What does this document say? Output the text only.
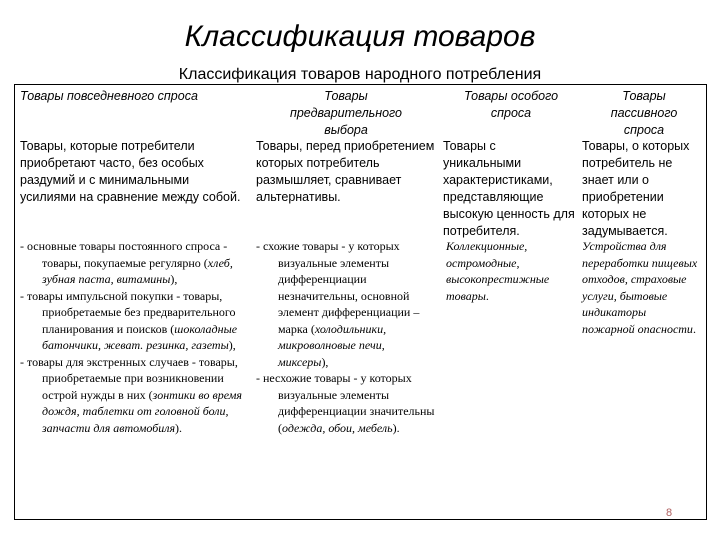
Классификация товаров
Классификация товаров народного потребления
Товары повседневного спроса	Товары предварительного выбора
Товары особого спроса
Товары пассивного спроса
Товары, которые потребители приобретают часто, без особых раздумий и с минимальными усилиями на сравнение между собой.
Товары, перед приобретением которых потребитель размышляет, сравнивает альтернативы.
Товары с уникальными характеристиками, представляющие высокую ценность для потребителя.
Товары, о которых потребитель не знает или о приобретении которых не задумывается.

- основные товары постоянного спроса - товары, покупаемые регулярно (хлеб, зубная паста, витамины),

- товары импульсной покупки - товары, приобретаемые без предварительного планирования и поисков (шоколадные батончики, жеват. резинка, газеты),

- товары для экстренных случаев - товары, приобретаемые при возникновении острой нужды в них (зонтики во время дождя, таблетки от головной боли, запчасти для автомобиля).

- схожие товары - у которых визуальные элементы дифференциации незначительны, основной элемент дифференциации – марка (холодильники, микроволновые печи, миксеры),

- несхожие товары - у которых визуальные элементы дифференциации значительны (одежда, обои, мебель).

Коллекционные, остромодные, высокопрестижные товары.
Устройства для переработки пищевых отходов, страховые услуги, бытовые индикаторы пожарной опасности.
8
